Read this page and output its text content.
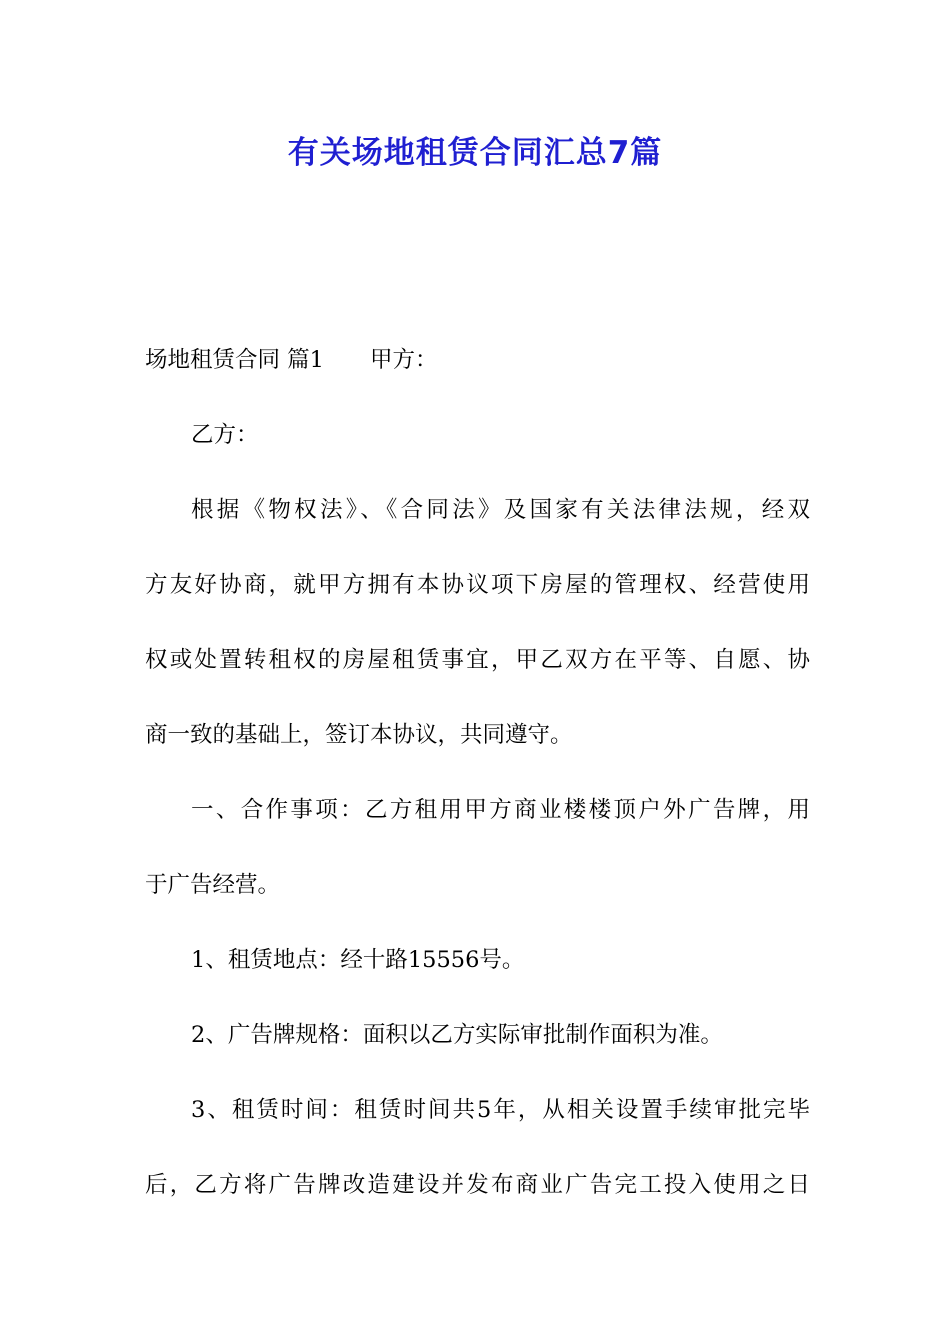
有关场地租赁合同汇总7篇
场地租赁合同 篇1 甲方：
乙方：
根据《物权法》、《合同法》及国家有关法律法规，经双
方友好协商，就甲方拥有本协议项下房屋的管理权、经营使用
权或处置转租权的房屋租赁事宜，甲乙双方在平等、自愿、协
商一致的基础上，签订本协议，共同遵守。
一、合作事项：乙方租用甲方商业楼楼顶户外广告牌，用
于广告经营。
1、租赁地点：经十路15556号。
2、广告牌规格：面积以乙方实际审批制作面积为准。
3、租赁时间：租赁时间共5年，从相关设置手续审批完毕
后，乙方将广告牌改造建设并发布商业广告完工投入使用之日
